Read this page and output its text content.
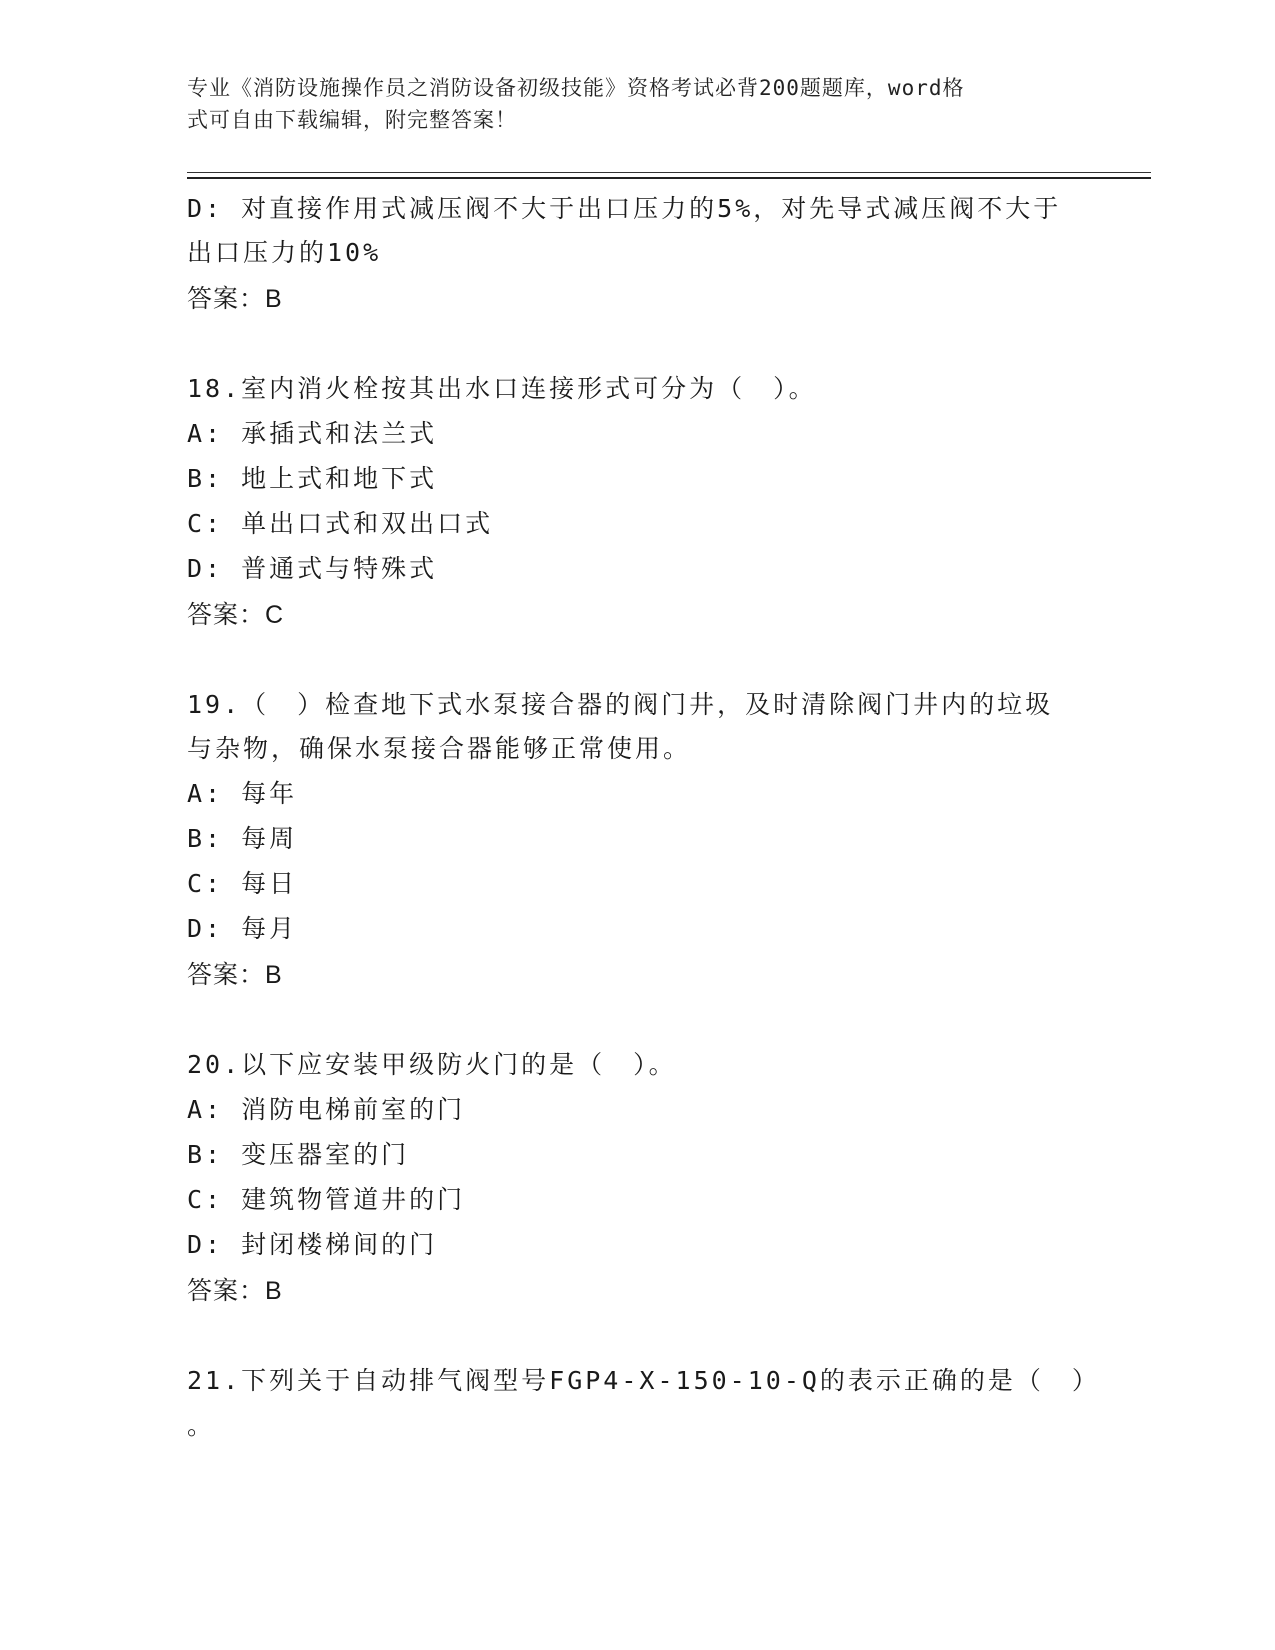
专业《消防设施操作员之消防设备初级技能》资格考试必背200题题库，word格
式可自由下载编辑，附完整答案！
D: 对直接作用式减压阀不大于出口压力的5%，对先导式减压阀不大于
出口压力的10%
答案：B
18.室内消火栓按其出水口连接形式可分为（　）。
A: 承插式和法兰式
B: 地上式和地下式
C: 单出口式和双出口式
D: 普通式与特殊式
答案：C
19.（　）检查地下式水泵接合器的阀门井，及时清除阀门井内的垃圾
与杂物，确保水泵接合器能够正常使用。
A: 每年
B: 每周
C: 每日
D: 每月
答案：B
20.以下应安装甲级防火门的是（　）。
A: 消防电梯前室的门
B: 变压器室的门
C: 建筑物管道井的门
D: 封闭楼梯间的门
答案：B
21.下列关于自动排气阀型号FGP4-X-150-10-Q的表示正确的是（　）
。
